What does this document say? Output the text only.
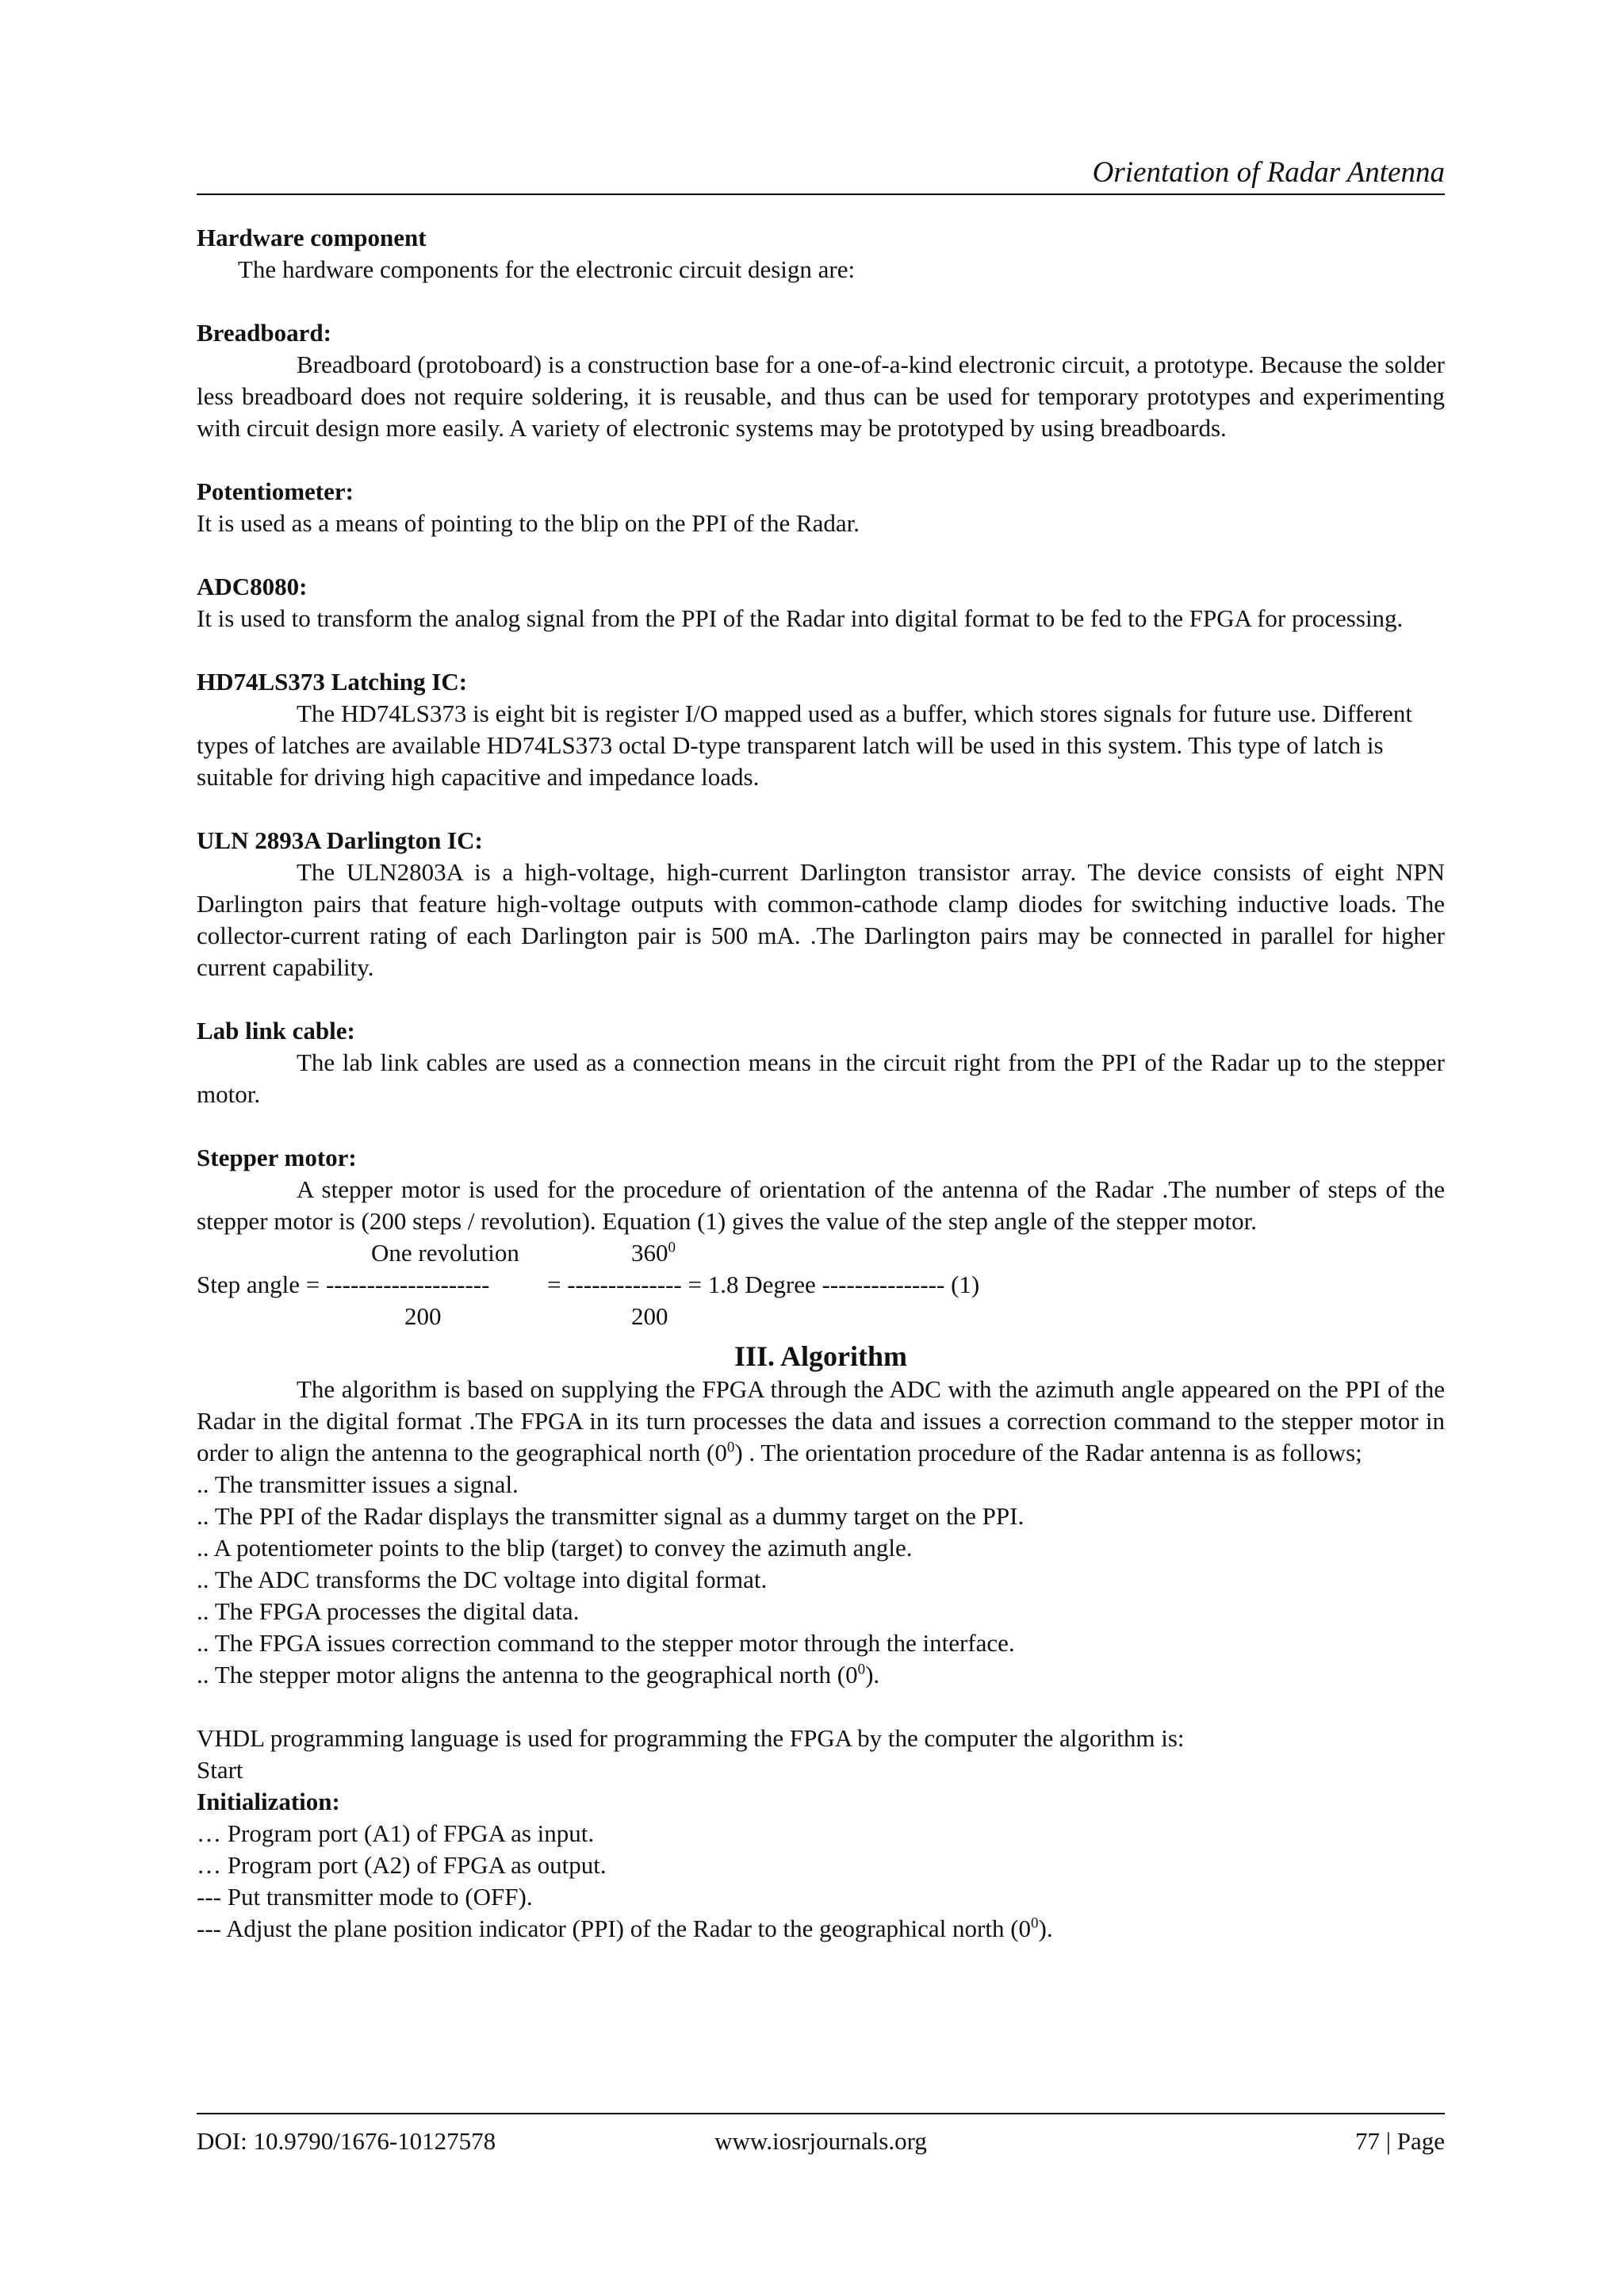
Orientation of Radar Antenna
Hardware component
The hardware components for the electronic circuit design are:
Breadboard:

Breadboard (protoboard) is a construction base for a one-of-a-kind electronic circuit, a prototype. Because the solder less breadboard does not require soldering, it is reusable, and thus can be used for temporary prototypes and experimenting with circuit design more easily. A variety of electronic systems may be prototyped by using breadboards.

Potentiometer:

It is used as a means of pointing to the blip on the PPI of the Radar.

ADC8080:

It is used to transform the analog signal from the PPI of the Radar into digital format to be fed to the FPGA for processing.

HD74LS373 Latching IC:

The HD74LS373 is eight bit is register I/O mapped used as a buffer, which stores signals for future use. Different types of latches are available HD74LS373 octal D-type transparent latch will be used in this system. This type of latch is suitable for driving high capacitive and impedance loads.

ULN 2893A Darlington IC:

The ULN2803A is a high-voltage, high-current Darlington transistor array. The device consists of eight NPN Darlington pairs that feature high-voltage outputs with common-cathode clamp diodes for switching inductive loads. The collector-current rating of each Darlington pair is 500 mA. .The Darlington pairs may be connected in parallel for higher current capability.

Lab link cable:

The lab link cables are used as a connection means in the circuit right from the PPI of the Radar up to the stepper motor.

Stepper motor:

A stepper motor is used for the procedure of orientation of the antenna of the Radar .The number of steps of the stepper motor is (200 steps / revolution). Equation (1) gives the value of the step angle of the stepper motor.

One revolution	$360^0$
Step angle = -------------------- = -------------- = 1.8 Degree --------------- (1)
200	200
III. Algorithm

The algorithm is based on supplying the FPGA through the ADC with the azimuth angle appeared on the PPI of the Radar in the digital format .The FPGA in its turn processes the data and issues a correction command to the stepper motor in order to align the antenna to the geographical north $(0^0)$ . The orientation procedure of the Radar antenna is as follows;

.. The transmitter issues a signal.
.. The PPI of the Radar displays the transmitter signal as a dummy target on the PPI.
.. A potentiometer points to the blip (target) to convey the azimuth angle.
.. The ADC transforms the DC voltage into digital format.
.. The FPGA processes the digital data.
.. The FPGA issues correction command to the stepper motor through the interface.
.. The stepper motor aligns the antenna to the geographical north $(0^0)$.
VHDL programming language is used for programming the FPGA by the computer the algorithm is:
Start
Initialization:
… Program port (A1) of FPGA as input.
… Program port (A2) of FPGA as output.
--- Put transmitter mode to (OFF).
--- Adjust the plane position indicator (PPI) of the Radar to the geographical north $(0^0)$.
DOI: 10.9790/1676-10127578	www.iosrjournals.org	77 | Page
